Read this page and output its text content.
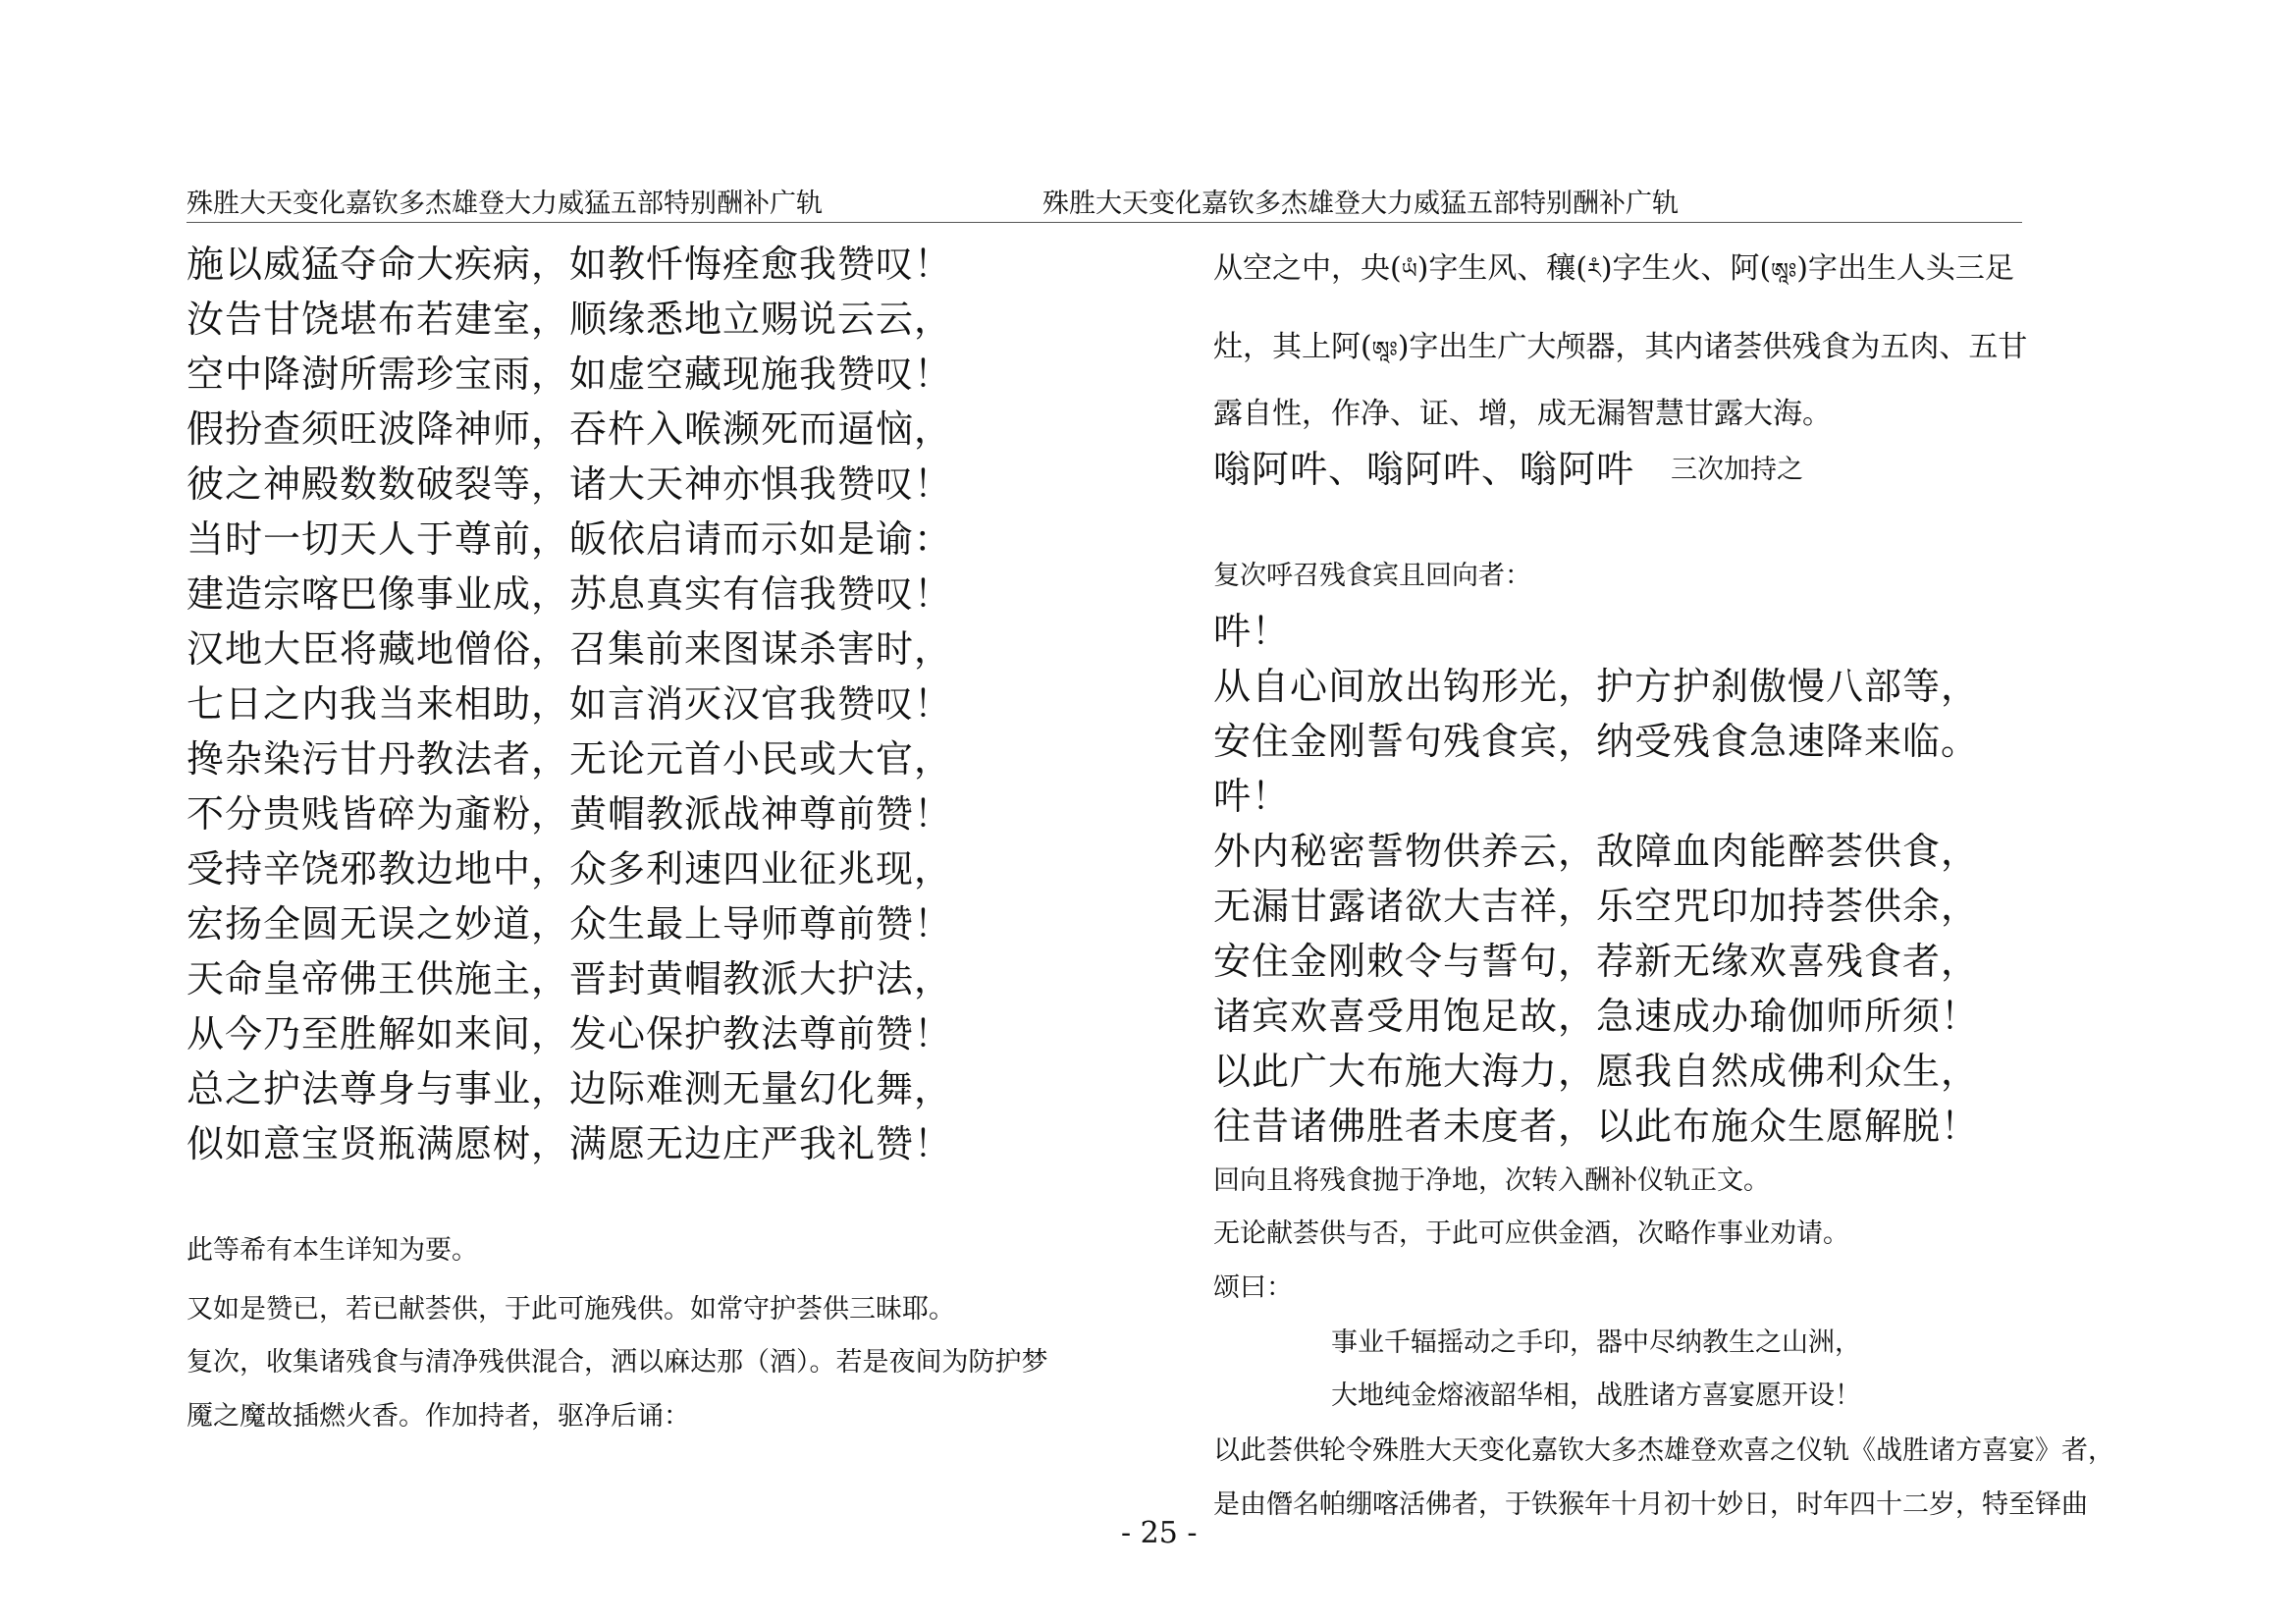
殊胜大天变化嘉钦多杰雄登大力威猛五部特别酬补广轨	殊胜大天变化嘉钦多杰雄登大力威猛五部特别酬补广轨
施以威猛夺命大疾病，如教忏悔痊愈我赞叹！
汝告甘饶堪布若建室，顺缘悉地立赐说云云，
空中降澍所需珍宝雨，如虚空藏现施我赞叹！
假扮查须旺波降神师，吞杵入喉濒死而逼恼，
彼之神殿数数破裂等，诸大天神亦惧我赞叹！
当时一切天人于尊前，皈依启请而示如是谕：
建造宗喀巴像事业成，苏息真实有信我赞叹！
汉地大臣将藏地僧俗，召集前来图谋杀害时，
七日之内我当来相助，如言消灭汉官我赞叹！
搀杂染污甘丹教法者，无论元首小民或大官，
不分贵贱皆碎为齑粉，黄帽教派战神尊前赞！
受持辛饶邪教边地中，众多利速四业征兆现，
宏扬全圆无误之妙道，众生最上导师尊前赞！
天命皇帝佛王供施主，晋封黄帽教派大护法，
从今乃至胜解如来间，发心保护教法尊前赞！
总之护法尊身与事业，边际难测无量幻化舞，
似如意宝贤瓶满愿树，满愿无边庄严我礼赞！
此等希有本生详知为要。
又如是赞已，若已献荟供，于此可施残供。如常守护荟供三昧耶。
复次，收集诸残食与清净残供混合，洒以麻达那（酒）。若是夜间为防护梦
魇之魔故插燃火香。作加持者，驱净后诵：
从空之中，央(ཡཾ)字生风、穰(རཾ)字生火、阿(ཨཱཿ)字出生人头三足
灶，其上阿(ཨཱཿ)字出生广大颅器，其内诸荟供残食为五肉、五甘
露自性，作净、证、增，成无漏智慧甘露大海。
嗡阿吽、嗡阿吽、嗡阿吽 三次加持之
复次呼召残食宾且回向者：
吽！
从自心间放出钩形光，护方护刹傲慢八部等，
安住金刚誓句残食宾，纳受残食急速降来临。
吽！
外内秘密誓物供养云，敌障血肉能醉荟供食，
无漏甘露诸欲大吉祥，乐空咒印加持荟供余，
安住金刚敕令与誓句，荐新无缘欢喜残食者，
诸宾欢喜受用饱足故，急速成办瑜伽师所须！
以此广大布施大海力，愿我自然成佛利众生，
往昔诸佛胜者未度者，以此布施众生愿解脱！
回向且将残食抛于净地，次转入酬补仪轨正文。
无论献荟供与否，于此可应供金酒，次略作事业劝请。
颂曰：
事业千辐摇动之手印，器中尽纳教生之山洲，
大地纯金熔液韶华相，战胜诸方喜宴愿开设！
以此荟供轮令殊胜大天变化嘉钦大多杰雄登欢喜之仪轨《战胜诸方喜宴》者，
是由僭名帕绷喀活佛者，于铁猴年十月初十妙日，时年四十二岁，特至铎曲
- 25 -
